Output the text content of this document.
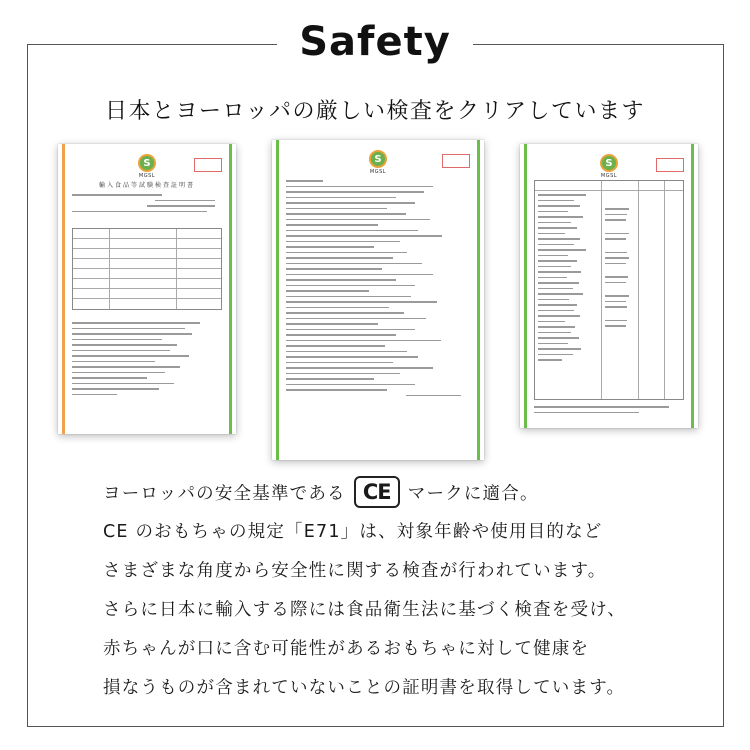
Safety
日本とヨーロッパの厳しい検査をクリアしています
S
MGSL
輸入食品等試験検査証明書
S
MGSL
S
MGSL
ヨーロッパの安全基準である CE マークに適合。
CE のおもちゃの規定「E71」は、対象年齢や使用目的など
さまざまな角度から安全性に関する検査が行われています。
さらに日本に輸入する際には食品衛生法に基づく検査を受け、
赤ちゃんが口に含む可能性があるおもちゃに対して健康を
損なうものが含まれていないことの証明書を取得しています。
